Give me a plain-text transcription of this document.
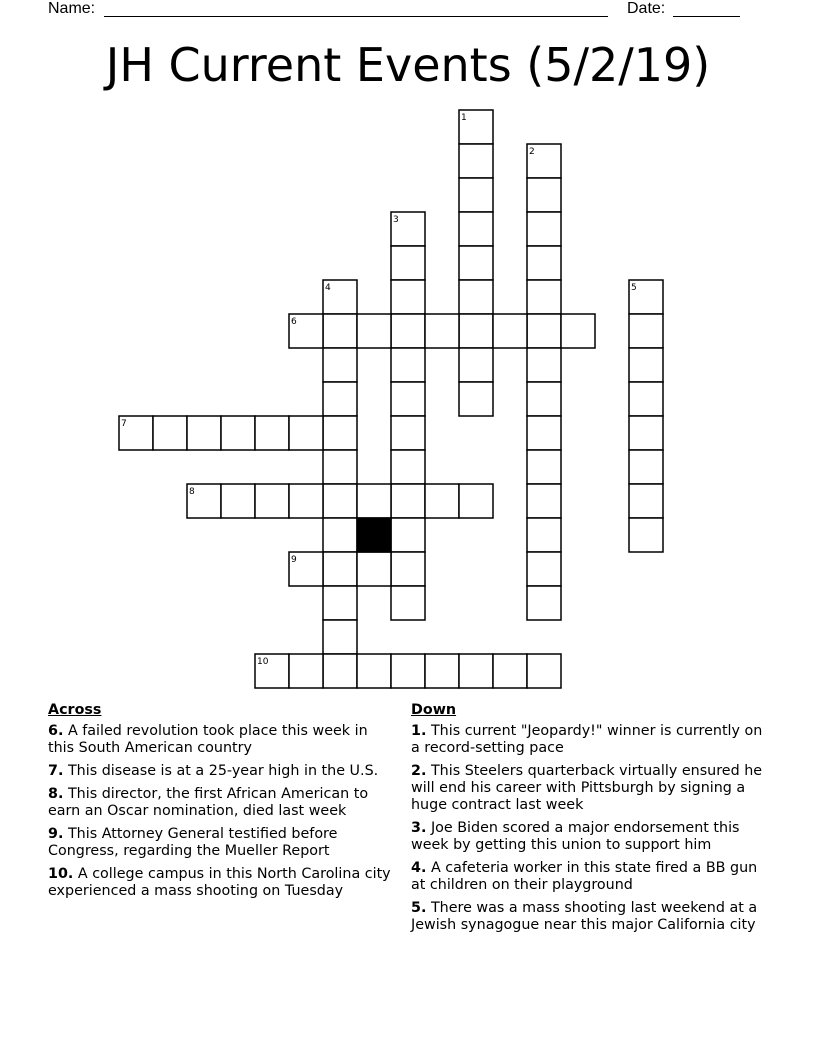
Name:	Date:
JH Current Events (5/2/19)
1
2
3
4	5
6
7
8
9
10
Across
6. A failed revolution took place this week in this South American country
7. This disease is at a 25-year high in the U.S.
8. This director, the first African American to earn an Oscar nomination, died last week
9. This Attorney General testified before Congress, regarding the Mueller Report
10. A college campus in this North Carolina city experienced a mass shooting on Tuesday
Down
1. This current "Jeopardy!" winner is currently on a record-setting pace
2. This Steelers quarterback virtually ensured he will end his career with Pittsburgh by signing a huge contract last week
3. Joe Biden scored a major endorsement this week by getting this union to support him
4. A cafeteria worker in this state fired a BB gun at children on their playground
5. There was a mass shooting last weekend at a Jewish synagogue near this major California city
